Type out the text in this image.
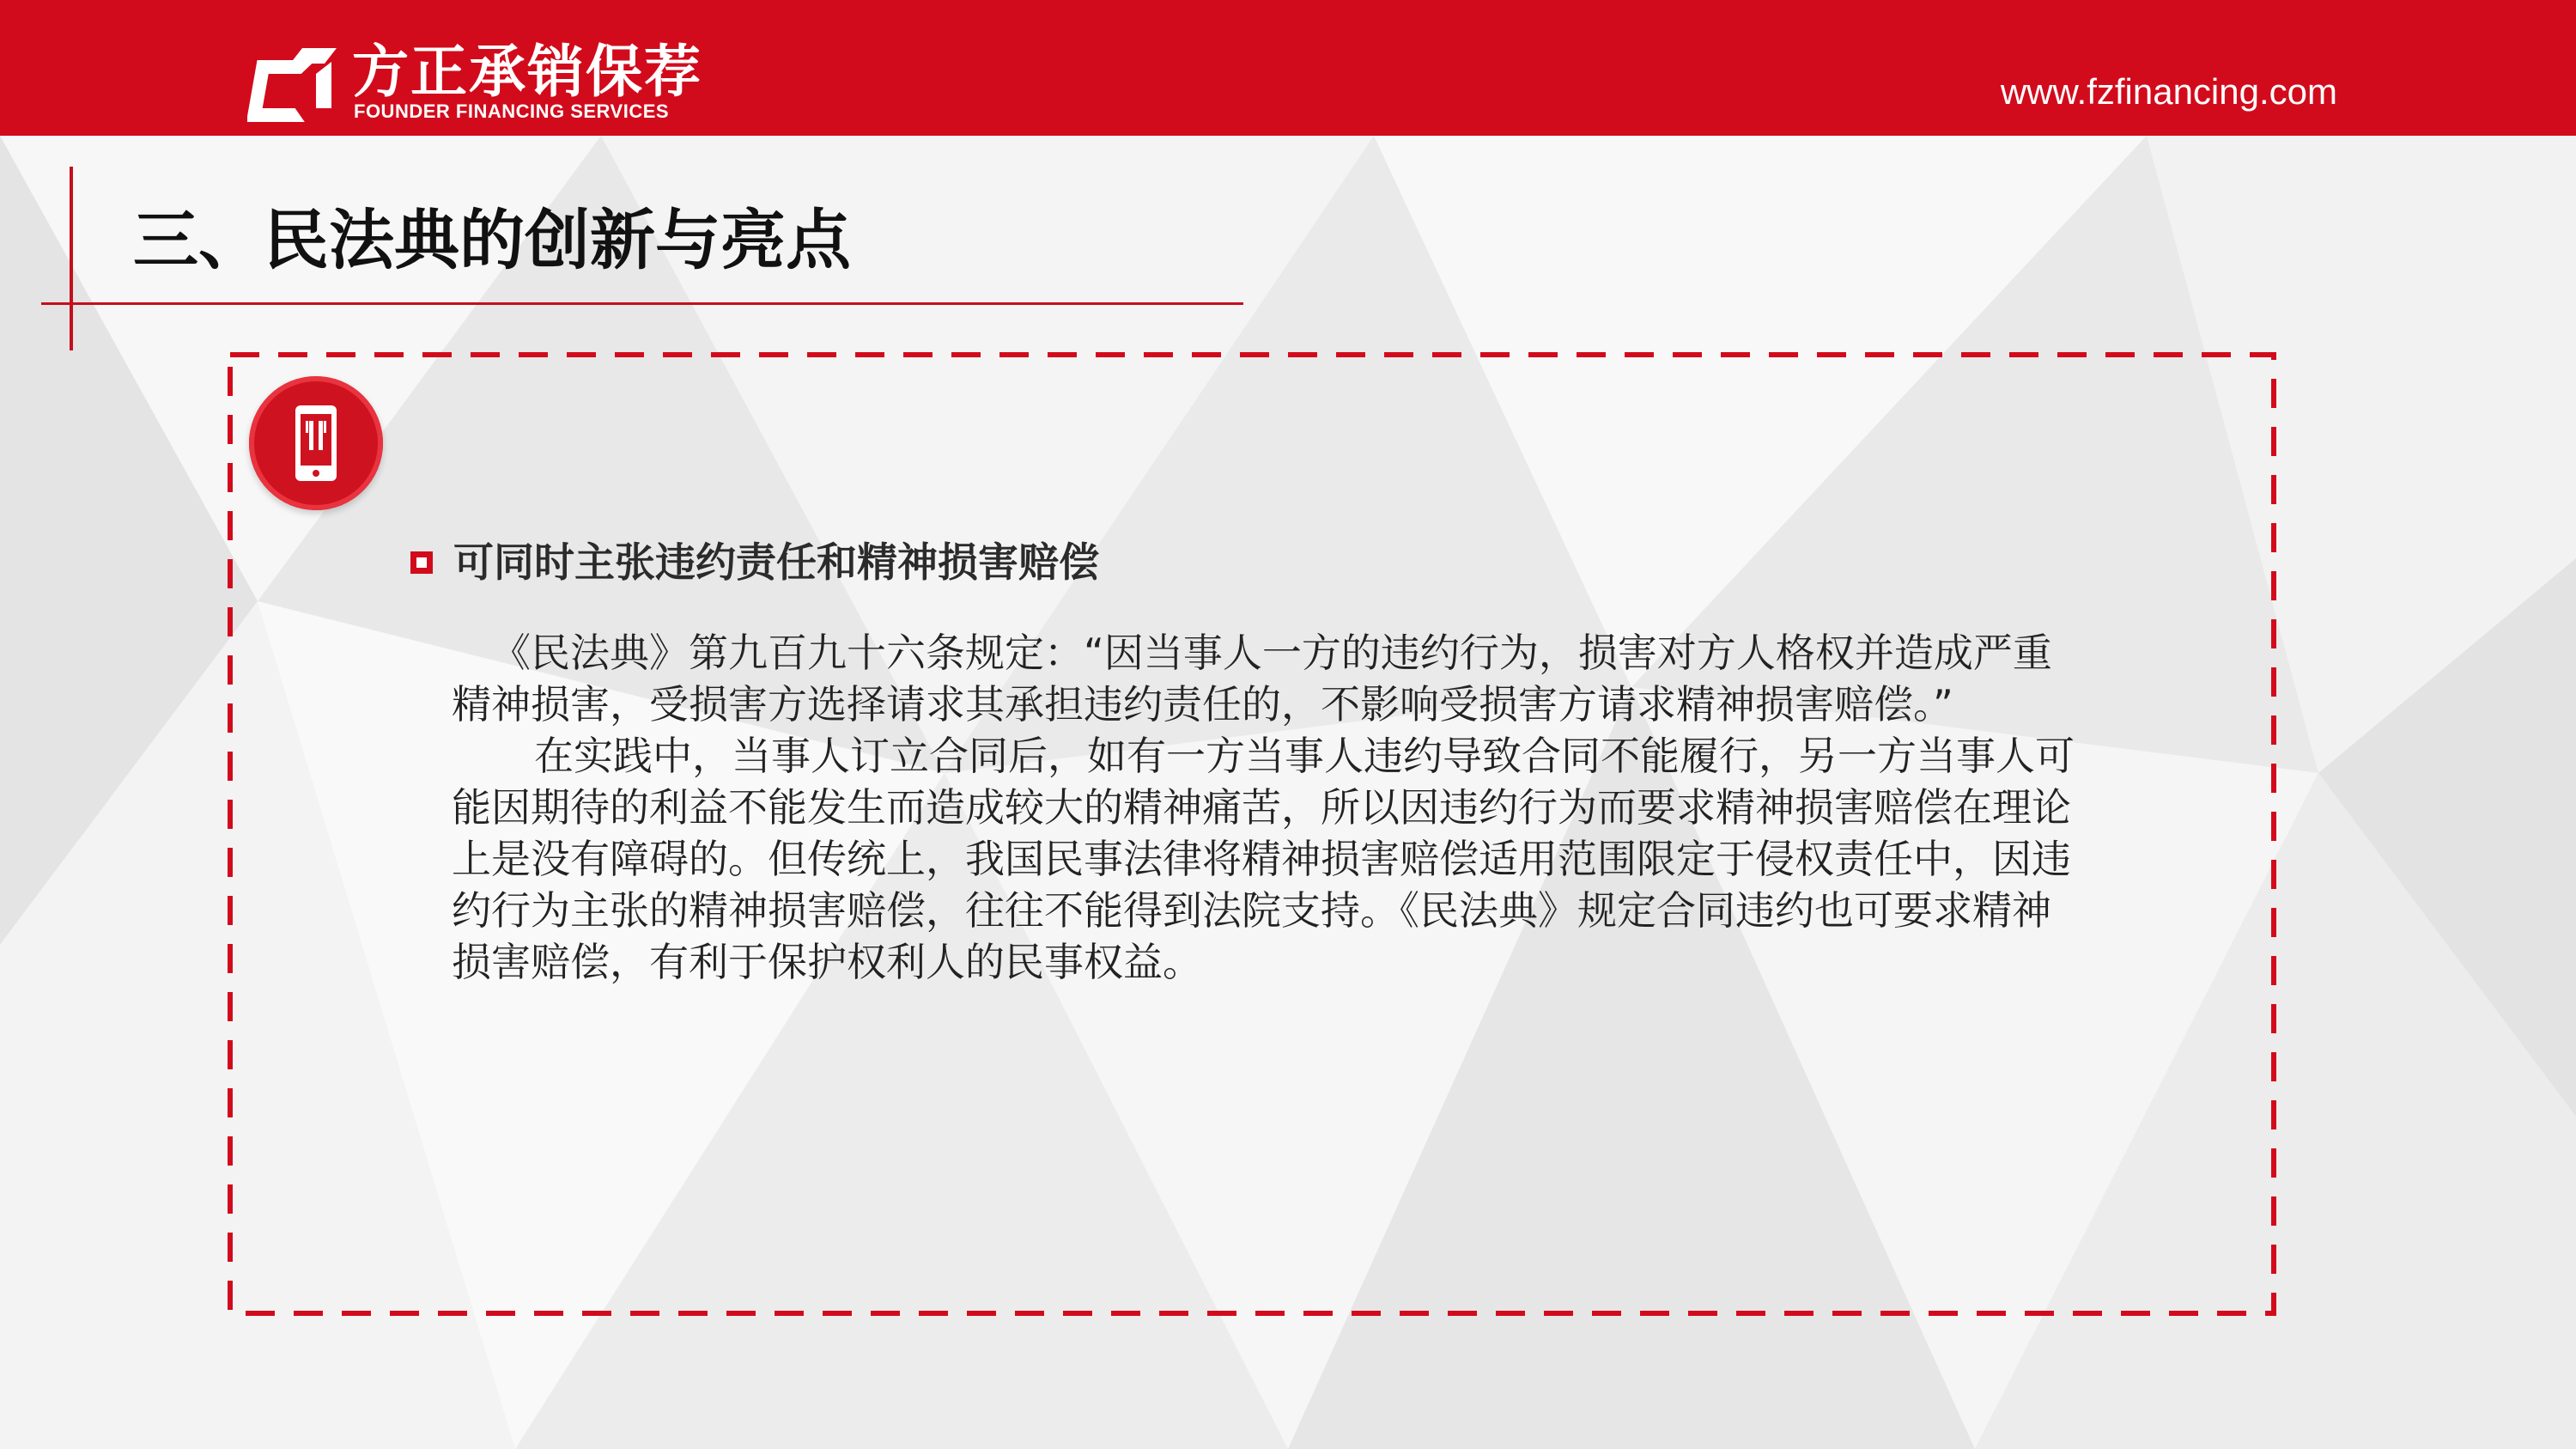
方正承销保荐
FOUNDER FINANCING SERVICES	www.fzfinancing.com
三、民法典的创新与亮点
可同时主张违约责任和精神损害赔偿

《民法典》第九百九十六条规定：“因当事人一方的违约行为，损害对方人格权并造成严重精神损害，受损害方选择请求其承担违约责任的，不影响受损害方请求精神损害赔偿。”

在实践中，当事人订立合同后，如有一方当事人违约导致合同不能履行，另一方当事人可能因期待的利益不能发生而造成较大的精神痛苦，所以因违约行为而要求精神损害赔偿在理论上是没有障碍的。但传统上，我国民事法律将精神损害赔偿适用范围限定于侵权责任中，因违约行为主张的精神损害赔偿，往往不能得到法院支持。《民法典》规定合同违约也可要求精神损害赔偿，有利于保护权利人的民事权益。
